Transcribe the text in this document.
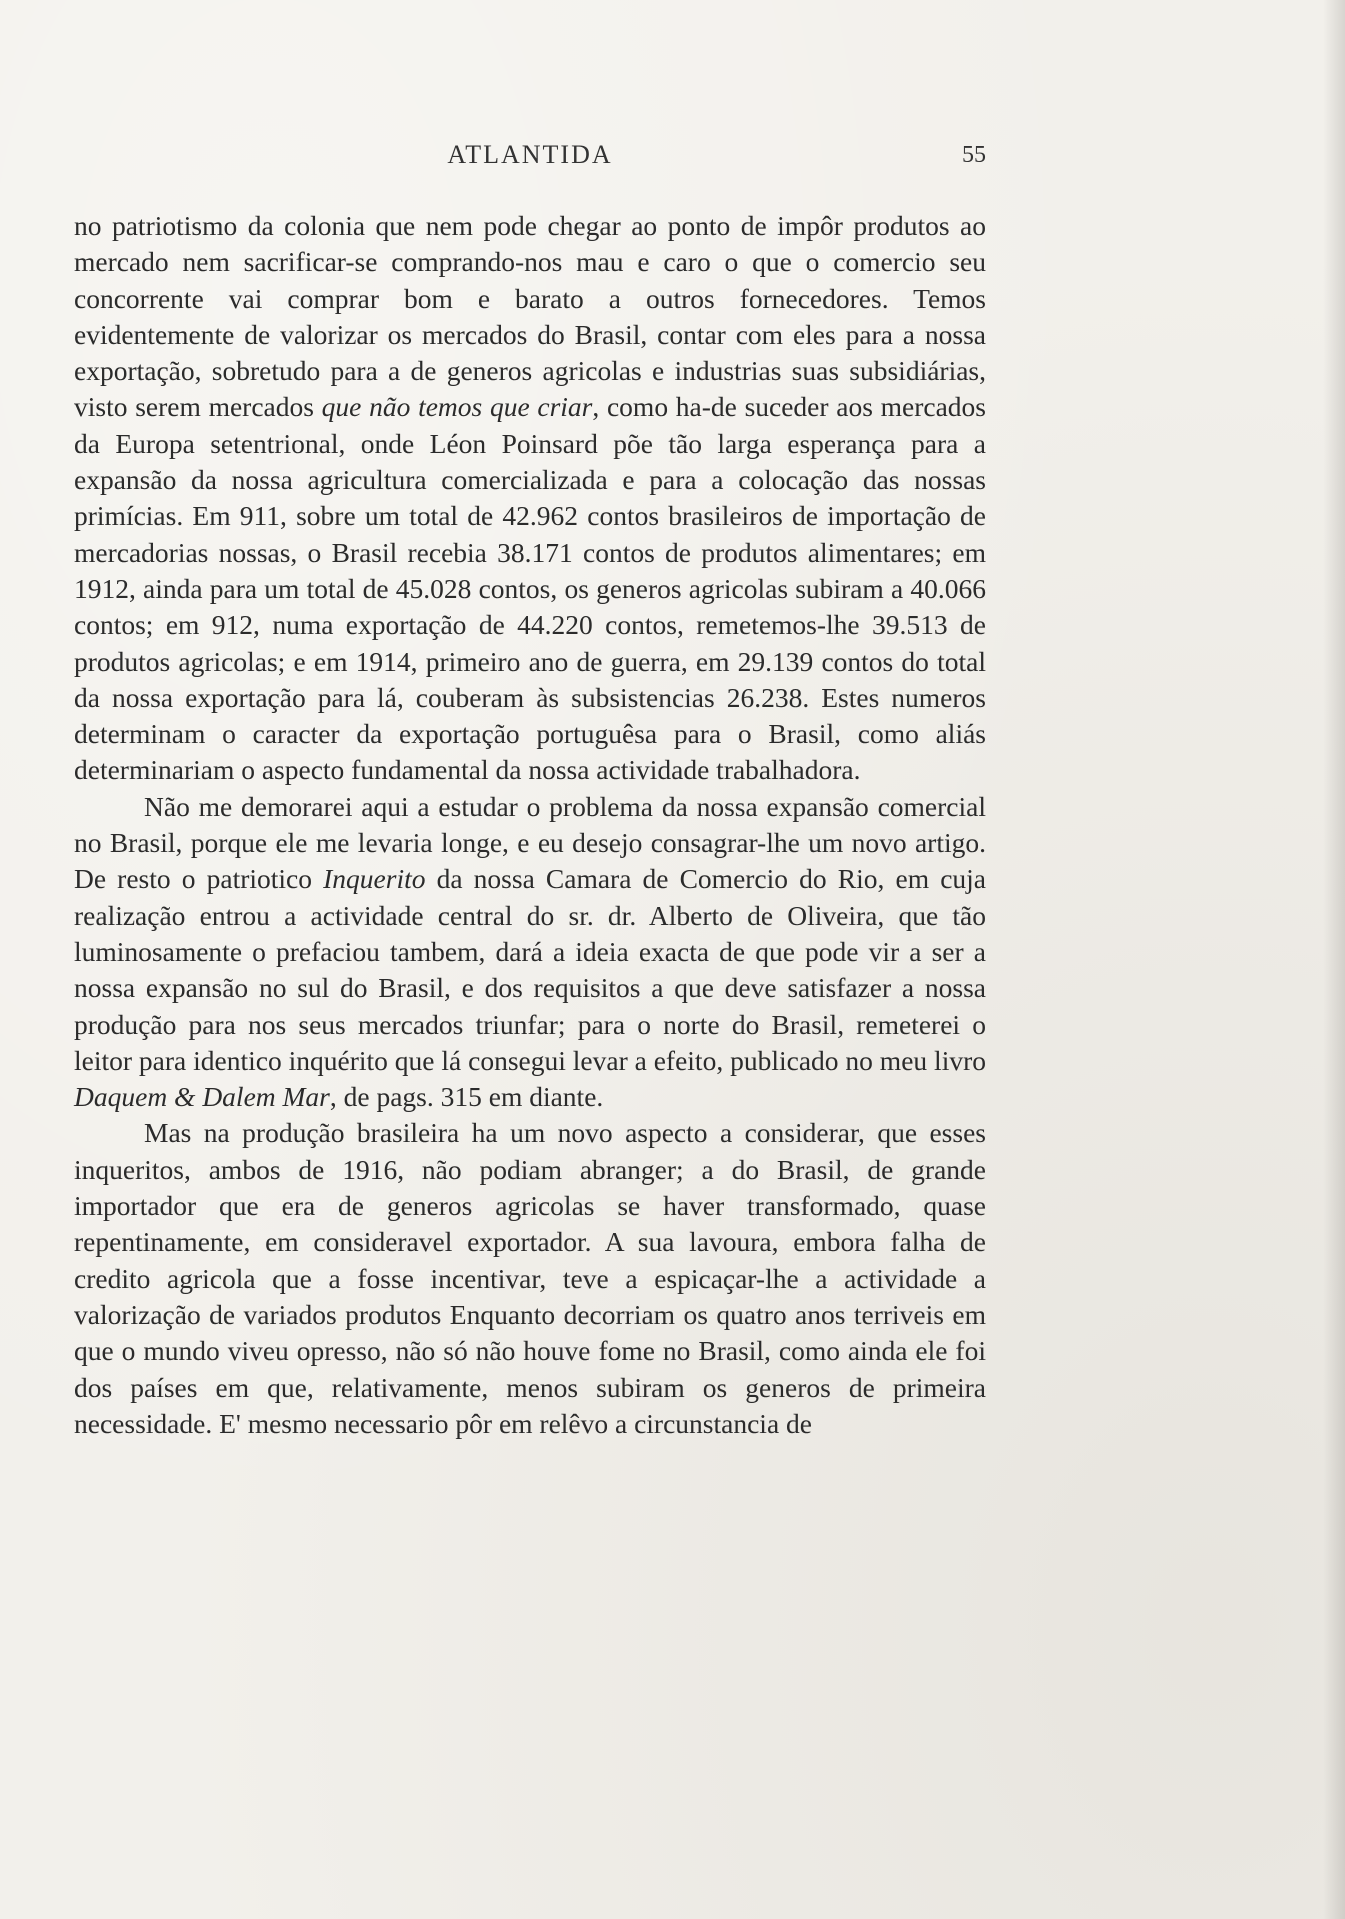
ATLANTIDA	55

no patriotismo da colonia que nem pode chegar ao ponto de impôr produtos ao mercado nem sacrificar-se comprando-nos mau e caro o que o comercio seu concorrente vai comprar bom e barato a outros fornecedores. Temos evidentemente de valorizar os mercados do Brasil, contar com eles para a nossa exportação, sobretudo para a de generos agricolas e industrias suas subsidiárias, visto serem mercados que não temos que criar, como ha-de suceder aos mercados da Europa setentrional, onde Léon Poinsard põe tão larga esperança para a expansão da nossa agricultura comercializada e para a colocação das nossas primícias. Em 911, sobre um total de 42.962 contos brasileiros de importação de mercadorias nossas, o Brasil recebia 38.171 contos de produtos alimentares; em 1912, ainda para um total de 45.028 contos, os generos agricolas subiram a 40.066 contos; em 912, numa exportação de 44.220 contos, remetemos-lhe 39.513 de produtos agricolas; e em 1914, primeiro ano de guerra, em 29.139 contos do total da nossa exportação para lá, couberam às subsistencias 26.238. Estes numeros determinam o caracter da exportação portuguêsa para o Brasil, como aliás determinariam o aspecto fundamental da nossa actividade trabalhadora.

Não me demorarei aqui a estudar o problema da nossa expansão comercial no Brasil, porque ele me levaria longe, e eu desejo consagrar-lhe um novo artigo. De resto o patriotico Inquerito da nossa Camara de Comercio do Rio, em cuja realização entrou a actividade central do sr. dr. Alberto de Oliveira, que tão luminosamente o prefaciou tambem, dará a ideia exacta de que pode vir a ser a nossa expansão no sul do Brasil, e dos requisitos a que deve satisfazer a nossa produção para nos seus mercados triunfar; para o norte do Brasil, remeterei o leitor para identico inquérito que lá consegui levar a efeito, publicado no meu livro Daquem & Dalem Mar, de pags. 315 em diante.

Mas na produção brasileira ha um novo aspecto a considerar, que esses inqueritos, ambos de 1916, não podiam abranger; a do Brasil, de grande importador que era de generos agricolas se haver transformado, quase repentinamente, em consideravel exportador. A sua lavoura, embora falha de credito agricola que a fosse incentivar, teve a espicaçar-lhe a actividade a valorização de variados produtos Enquanto decorriam os quatro anos terriveis em que o mundo viveu opresso, não só não houve fome no Brasil, como ainda ele foi dos países em que, relativamente, menos subiram os generos de primeira necessidade. E' mesmo necessario pôr em relêvo a circunstancia de
